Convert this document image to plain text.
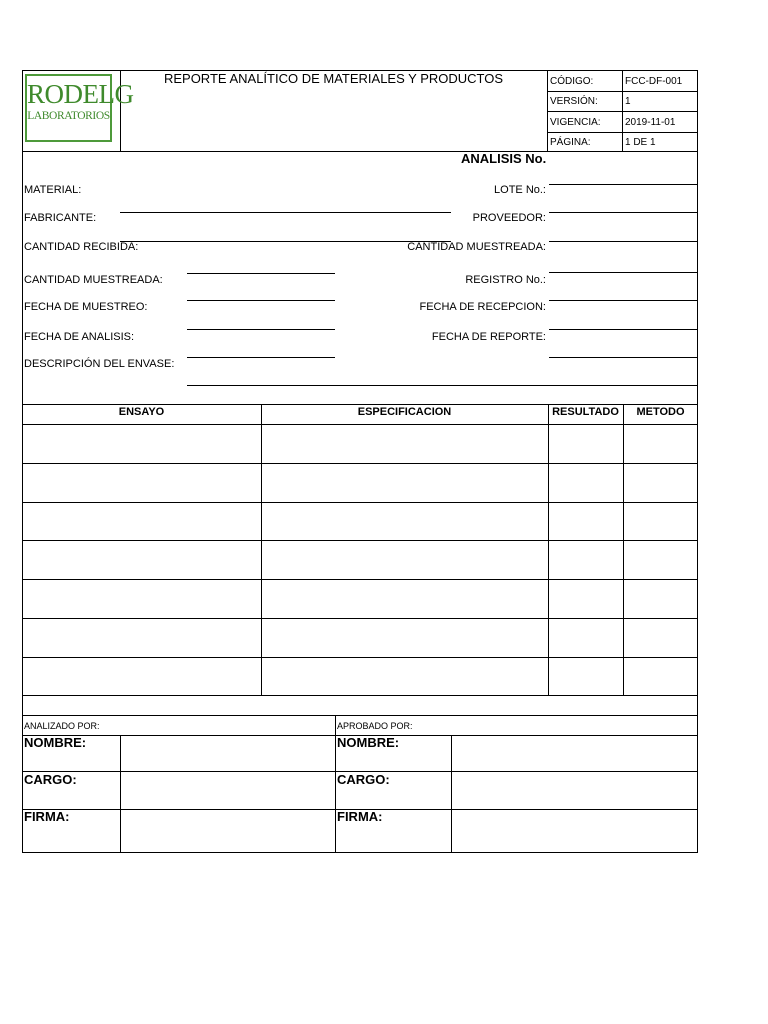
RODELG
LABORATORIOS
REPORTE ANALÍTICO DE MATERIALES Y PRODUCTOS	CÓDIGO:	FCC-DF-001
VERSIÓN:	1
VIGENCIA: 2019-11-01
PÁGINA:	1 DE 1
ANALISIS No.
MATERIAL:
FABRICANTE:
CANTIDAD RECIBIDA:
CANTIDAD MUESTREADA:
FECHA DE MUESTREO:
FECHA DE ANALISIS:
DESCRIPCIÓN DEL ENVASE:
LOTE No.:
PROVEEDOR:
CANTIDAD MUESTREADA:
REGISTRO No.:
FECHA DE RECEPCION:
FECHA DE REPORTE:
ENSAYO	ESPECIFICACION	RESULTADO	METODO
ANALIZADO POR:	APROBADO POR:
NOMBRE:
CARGO:
FIRMA:
NOMBRE:
CARGO:
FIRMA:
